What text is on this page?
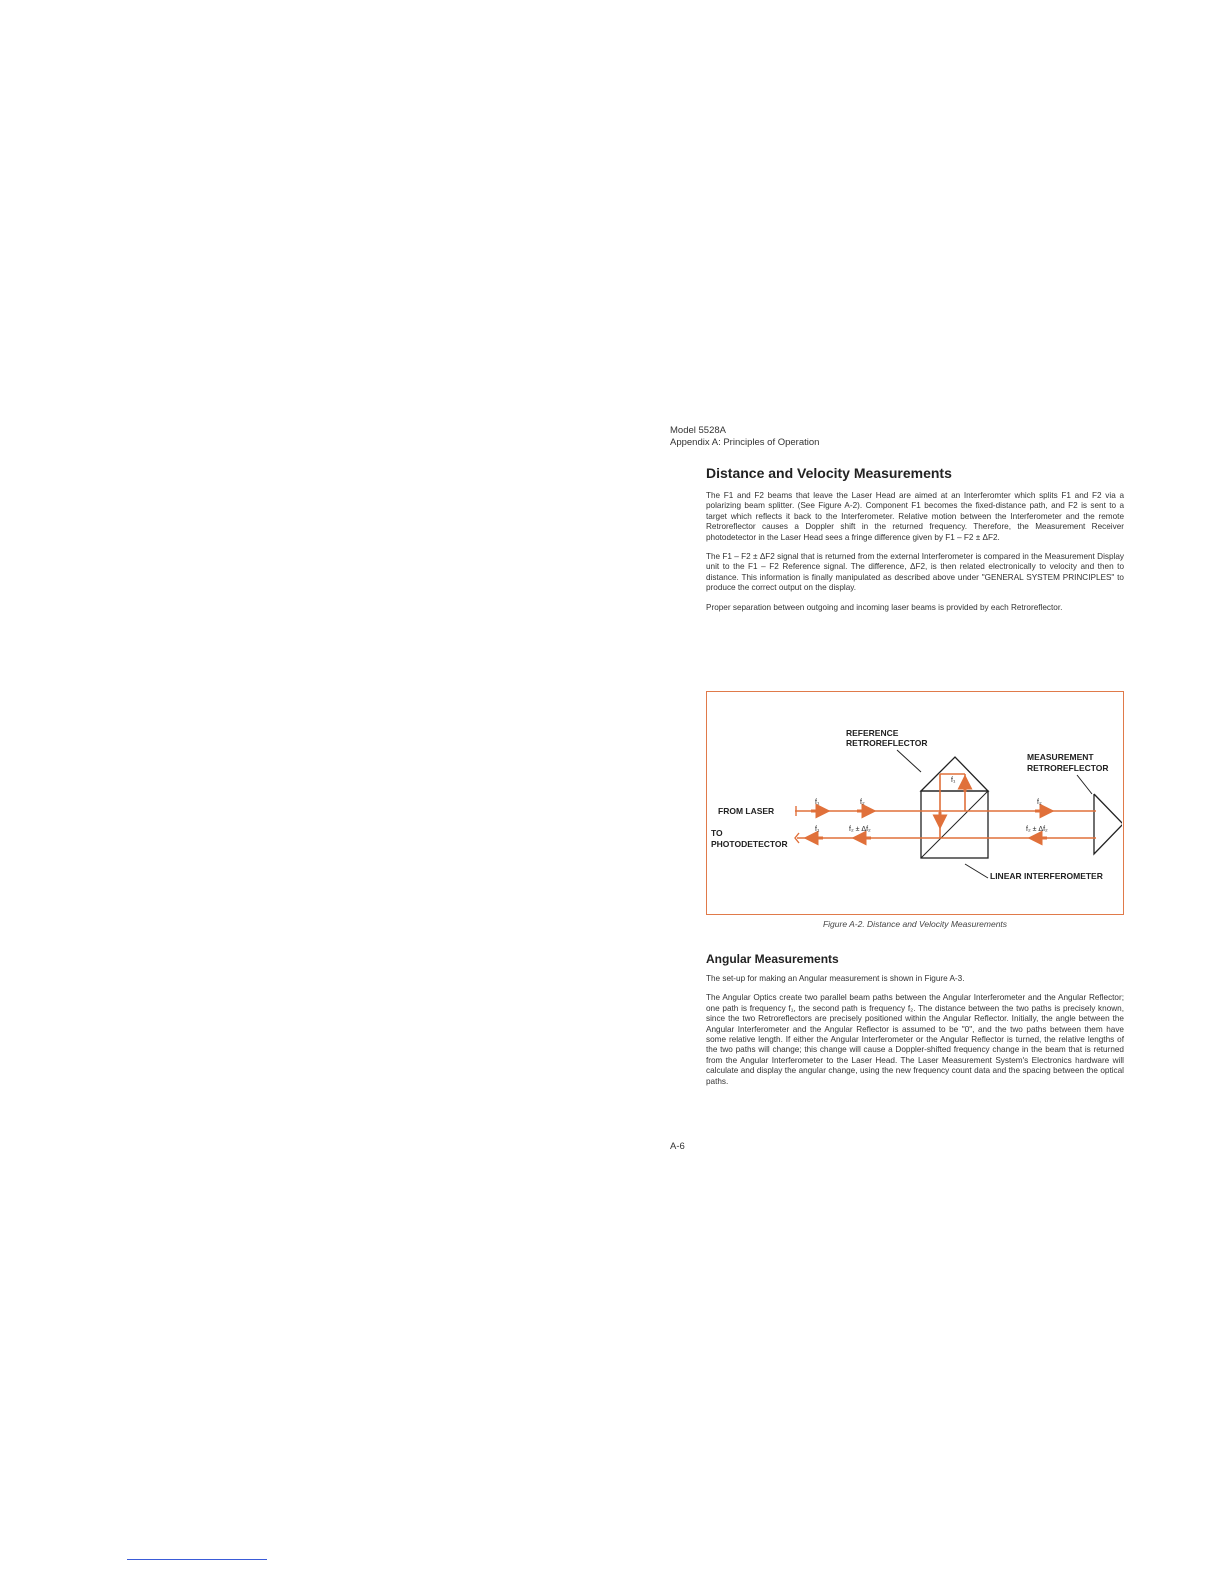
Model 5528A
Appendix A: Principles of Operation
Distance and Velocity Measurements

The F1 and F2 beams that leave the Laser Head are aimed at an Interferomter which splits F1 and F2 via a polarizing beam splitter. (See Figure A-2). Component F1 becomes the fixed-distance path, and F2 is sent to a target which reflects it back to the Interferometer. Relative motion between the Interferometer and the remote Retroreflector causes a Doppler shift in the returned frequency. Therefore, the Measurement Receiver photodetector in the Laser Head sees a fringe difference given by F1 – F2 ± ΔF2.

The F1 – F2 ± ΔF2 signal that is returned from the external Interferometer is compared in the Measurement Display unit to the F1 – F2 Reference signal. The difference, ΔF2, is then related electronically to velocity and then to distance. This information is finally manipulated as described above under "GENERAL SYSTEM PRINCIPLES" to produce the correct output on the display.

Proper separation between outgoing and incoming laser beams is provided by each Retroreflector.

REFERENCE
RETROREFLECTOR
MEASUREMENT
RETROREFLECTOR
f₁
f₁	f₂	f₂
f₁	f₂ ± Δf₂	f₂ ± Δf₂
FROM LASER
TO
PHOTODETECTOR
LINEAR INTERFEROMETER
Figure A-2. Distance and Velocity Measurements
Angular Measurements

The set-up for making an Angular measurement is shown in Figure A-3.

The Angular Optics create two parallel beam paths between the Angular Interferometer and the Angular Reflector; one path is frequency f₁, the second path is frequency f₂. The distance between the two paths is precisely known, since the two Retroreflectors are precisely positioned within the Angular Reflector. Initially, the angle between the Angular Interferometer and the Angular Reflector is assumed to be "0", and the two paths between them have some relative length. If either the Angular Interferometer or the Angular Reflector is turned, the relative lengths of the two paths will change; this change will cause a Doppler-shifted frequency change in the beam that is returned from the Angular Interferometer to the Laser Head. The Laser Measurement System's Electronics hardware will calculate and display the angular change, using the new frequency count data and the spacing between the optical paths.

A-6
